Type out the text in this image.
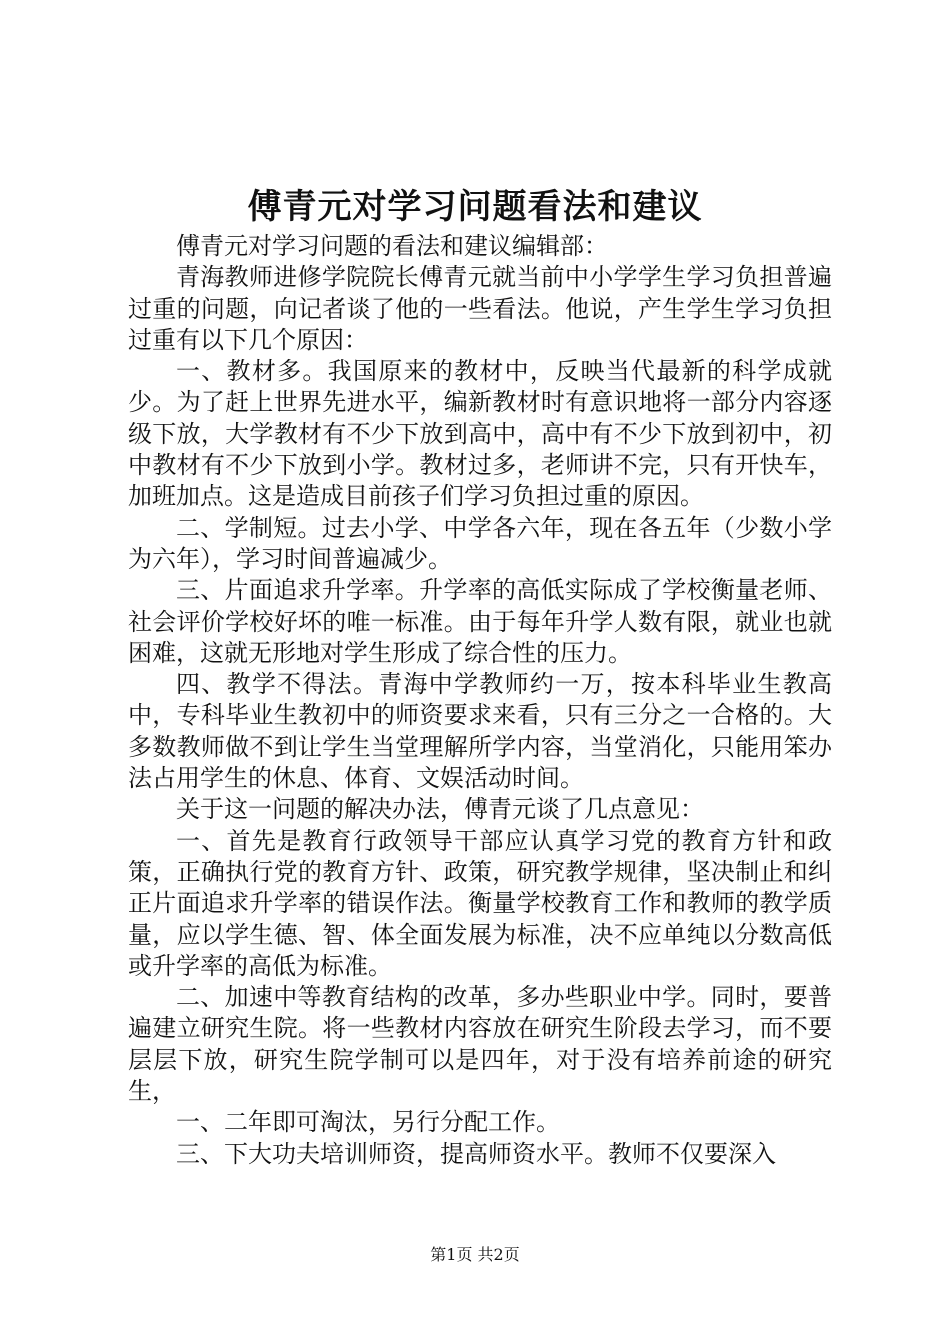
傅青元对学习问题看法和建议

傅青元对学习问题的看法和建议编辑部：

青海教师进修学院院长傅青元就当前中小学学生学习负担普遍过重的问题，向记者谈了他的一些看法。他说，产生学生学习负担过重有以下几个原因：

一、教材多。我国原来的教材中，反映当代最新的科学成就少。为了赶上世界先进水平，编新教材时有意识地将一部分内容逐级下放，大学教材有不少下放到高中，高中有不少下放到初中，初中教材有不少下放到小学。教材过多，老师讲不完，只有开快车，加班加点。这是造成目前孩子们学习负担过重的原因。

二、学制短。过去小学、中学各六年，现在各五年（少数小学为六年），学习时间普遍减少。

三、片面追求升学率。升学率的高低实际成了学校衡量老师、社会评价学校好坏的唯一标准。由于每年升学人数有限，就业也就困难，这就无形地对学生形成了综合性的压力。

四、教学不得法。青海中学教师约一万，按本科毕业生教高中，专科毕业生教初中的师资要求来看，只有三分之一合格的。大多数教师做不到让学生当堂理解所学内容，当堂消化，只能用笨办法占用学生的休息、体育、文娱活动时间。

关于这一问题的解决办法，傅青元谈了几点意见：

一、首先是教育行政领导干部应认真学习党的教育方针和政策，正确执行党的教育方针、政策，研究教学规律，坚决制止和纠正片面追求升学率的错误作法。衡量学校教育工作和教师的教学质量，应以学生德、智、体全面发展为标准，决不应单纯以分数高低或升学率的高低为标准。

二、加速中等教育结构的改革，多办些职业中学。同时，要普遍建立研究生院。将一些教材内容放在研究生阶段去学习，而不要层层下放，研究生院学制可以是四年，对于没有培养前途的研究生，

一、二年即可淘汰，另行分配工作。

三、下大功夫培训师资，提高师资水平。教师不仅要深入

第1页 共2页
